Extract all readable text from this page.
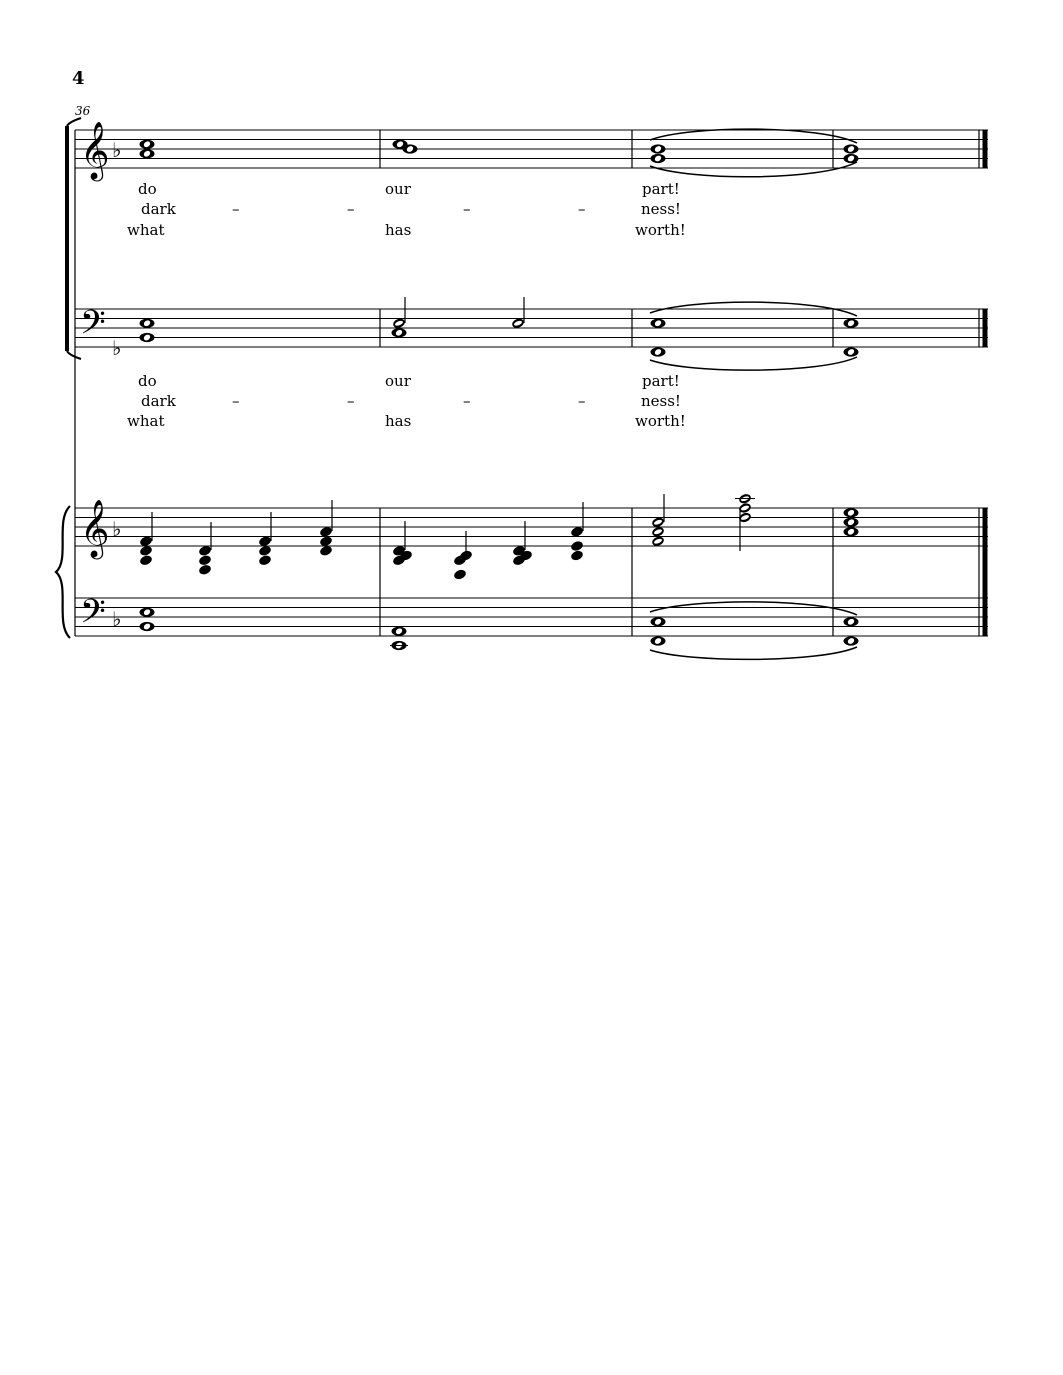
4
36
𝄞
𝄢
𝄞
𝄢
♭
♭
♭
♭
do	our	part!
dark	–	–	–	–	ness!
what	has	worth!
do	our	part!
dark	–	–	–	–	ness!
what	has	worth!
